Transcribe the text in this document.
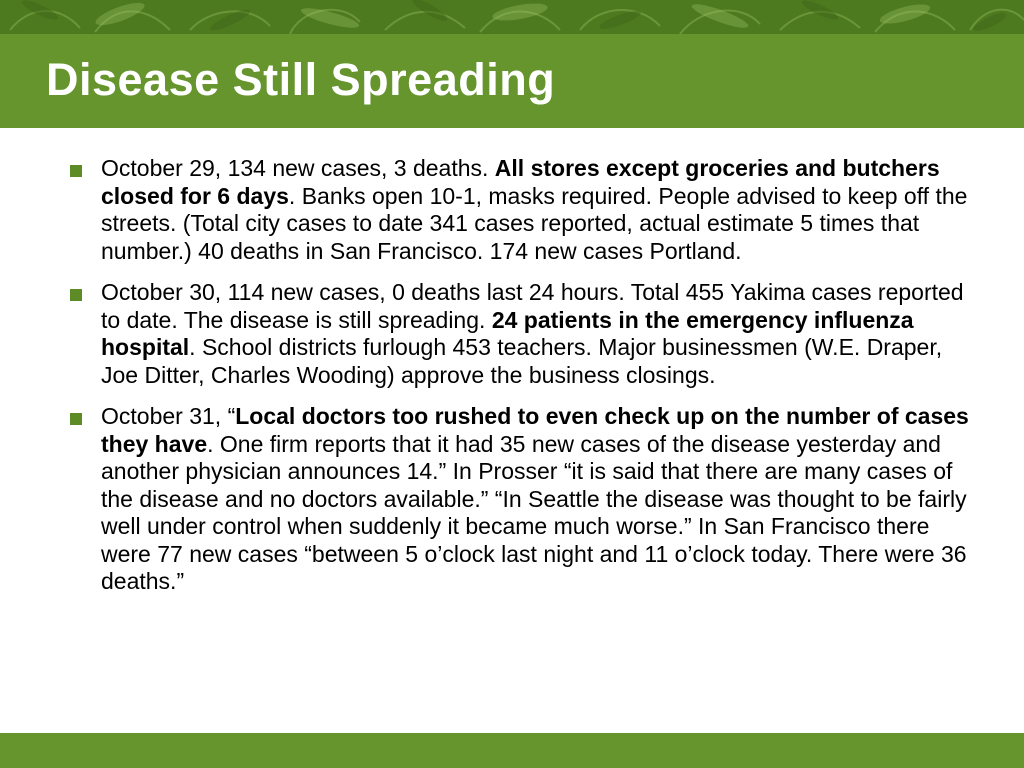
Disease Still Spreading
October 29, 134 new cases, 3 deaths. All stores except groceries and butchers closed for 6 days. Banks open 10-1, masks required. People advised to keep off the streets. (Total city cases to date 341 cases reported, actual estimate 5 times that number.) 40 deaths in San Francisco. 174 new cases Portland.
October 30, 114 new cases, 0 deaths last 24 hours. Total 455 Yakima cases reported to date. The disease is still spreading. 24 patients in the emergency influenza hospital. School districts furlough 453 teachers. Major businessmen (W.E. Draper, Joe Ditter, Charles Wooding) approve the business closings.
October 31, “Local doctors too rushed to even check up on the number of cases they have. One firm reports that it had 35 new cases of the disease yesterday and another physician announces 14.” In Prosser “it is said that there are many cases of the disease and no doctors available.” “In Seattle the disease was thought to be fairly well under control when suddenly it became much worse.” In San Francisco there were 77 new cases “between 5 o’clock last night and 11 o’clock today. There were 36 deaths.”
